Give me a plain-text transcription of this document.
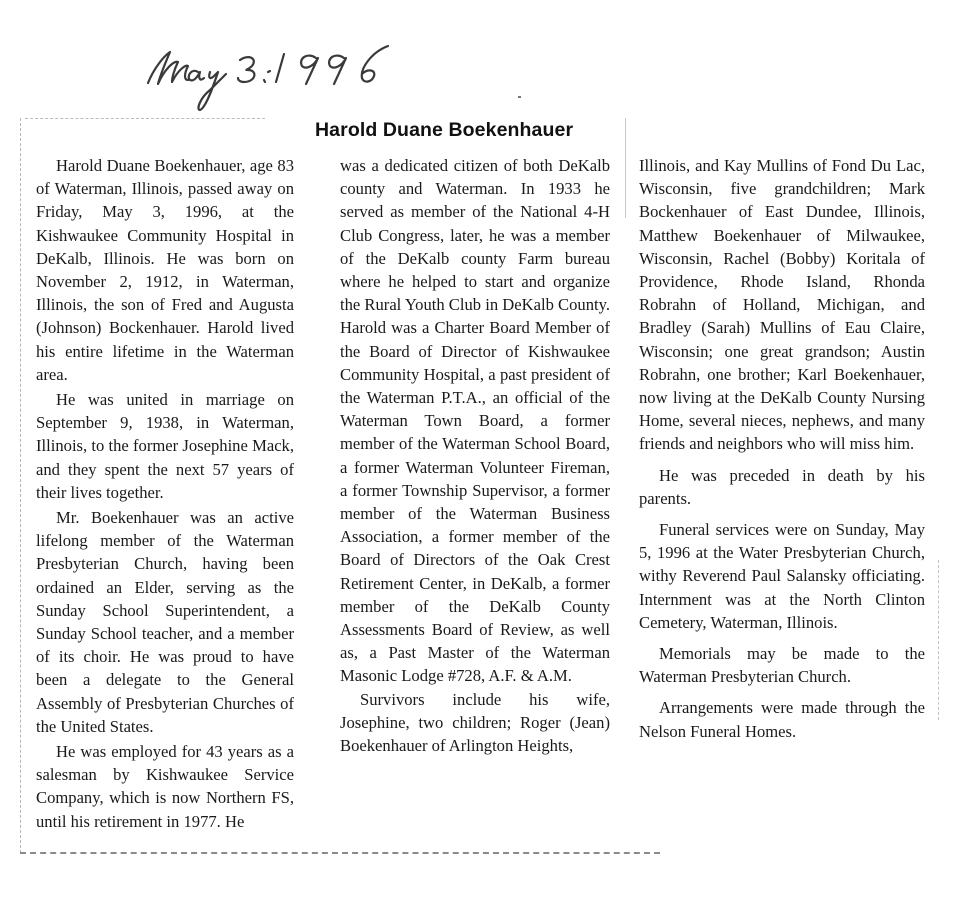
Harold Duane Boekenhauer

Harold Duane Boekenhauer, age 83 of Waterman, Illinois, passed away on Friday, May 3, 1996, at the Kishwaukee Community Hospital in DeKalb, Illinois. He was born on November 2, 1912, in Waterman, Illinois, the son of Fred and Augusta (Johnson) Bockenhauer. Harold lived his entire lifetime in the Waterman area.

He was united in marriage on September 9, 1938, in Waterman, Illinois, to the former Josephine Mack, and they spent the next 57 years of their lives together.

Mr. Boekenhauer was an active lifelong member of the Waterman Presbyterian Church, having been ordained an Elder, serving as the Sunday School Superintendent, a Sunday School teacher, and a member of its choir. He was proud to have been a delegate to the General Assembly of Presbyterian Churches of the United States.

He was employed for 43 years as a salesman by Kishwaukee Service Company, which is now Northern FS, until his retirement in 1977. He

was a dedicated citizen of both DeKalb county and Waterman. In 1933 he served as member of the National 4-H Club Congress, later, he was a member of the DeKalb county Farm bureau where he helped to start and organize the Rural Youth Club in DeKalb County. Harold was a Charter Board Member of the Board of Director of Kishwaukee Community Hospital, a past president of the Waterman P.T.A., an official of the Waterman Town Board, a former member of the Waterman School Board, a former Waterman Volunteer Fireman, a former Township Supervisor, a former member of the Waterman Business Association, a former member of the Board of Directors of the Oak Crest Retirement Center, in DeKalb, a former member of the DeKalb County Assessments Board of Review, as well as, a Past Master of the Waterman Masonic Lodge #728, A.F. & A.M.

Survivors include his wife, Josephine, two children; Roger (Jean) Boekenhauer of Arlington Heights,

Illinois, and Kay Mullins of Fond Du Lac, Wisconsin, five grandchildren; Mark Bockenhauer of East Dundee, Illinois, Matthew Boekenhauer of Milwaukee, Wisconsin, Rachel (Bobby) Koritala of Providence, Rhode Island, Rhonda Robrahn of Holland, Michigan, and Bradley (Sarah) Mullins of Eau Claire, Wisconsin; one great grandson; Austin Robrahn, one brother; Karl Boekenhauer, now living at the DeKalb County Nursing Home, several nieces, nephews, and many friends and neighbors who will miss him.

He was preceded in death by his parents.

Funeral services were on Sunday, May 5, 1996 at the Water Presbyterian Church, withy Reverend Paul Salansky officiating. Internment was at the North Clinton Cemetery, Waterman, Illinois.

Memorials may be made to the Waterman Presbyterian Church.

Arrangements were made through the Nelson Funeral Homes.
